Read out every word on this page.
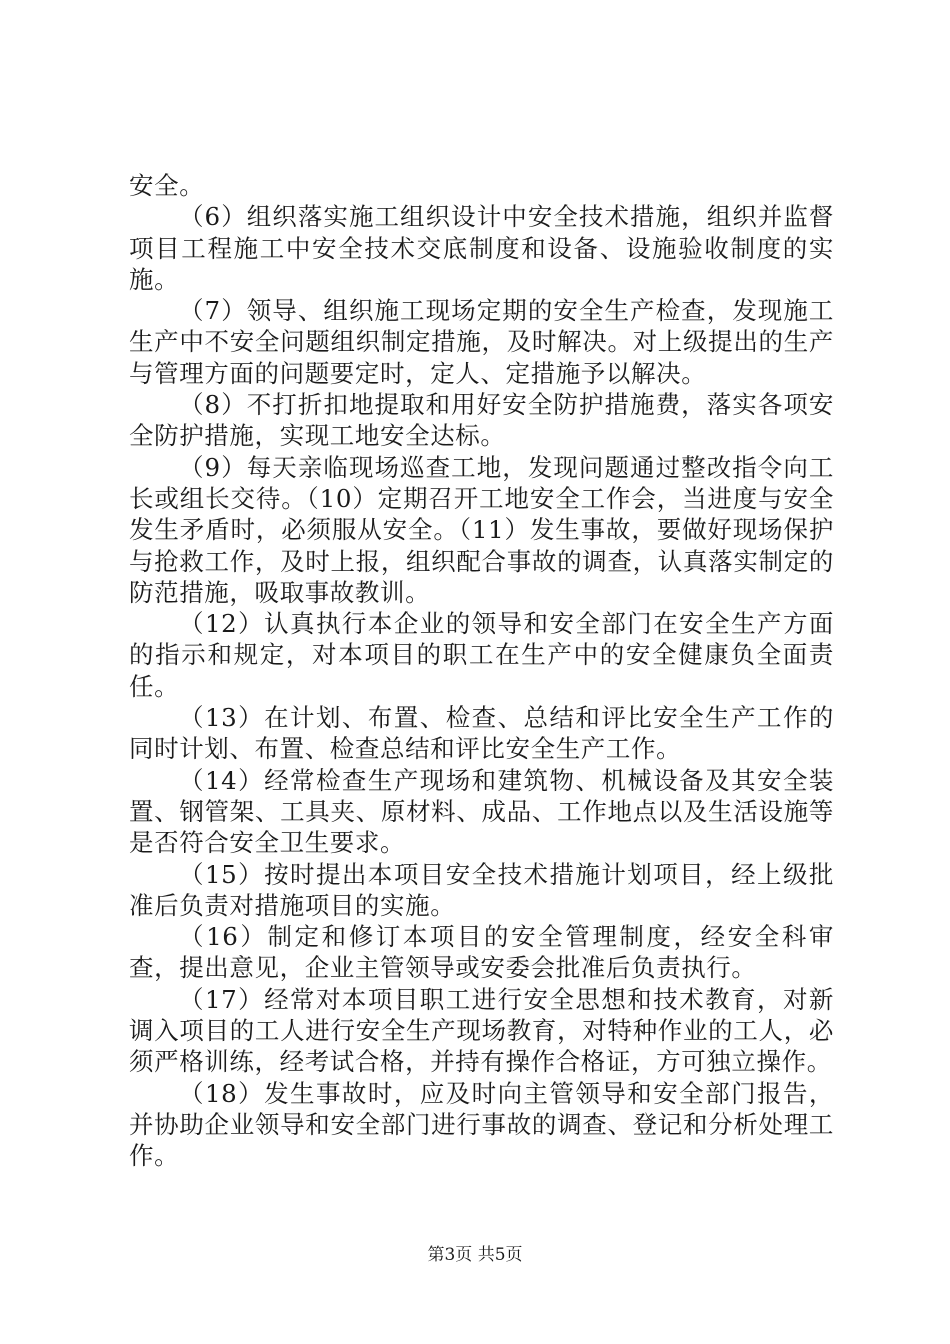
安全。

（6）组织落实施工组织设计中安全技术措施，组织并监督项目工程施工中安全技术交底制度和设备、设施验收制度的实施。

（7）领导、组织施工现场定期的安全生产检查，发现施工生产中不安全问题组织制定措施，及时解决。对上级提出的生产与管理方面的问题要定时，定人、定措施予以解决。

（8）不打折扣地提取和用好安全防护措施费，落实各项安全防护措施，实现工地安全达标。

（9）每天亲临现场巡查工地，发现问题通过整改指令向工长或组长交待。（10）定期召开工地安全工作会，当进度与安全发生矛盾时，必须服从安全。（11）发生事故，要做好现场保护与抢救工作，及时上报，组织配合事故的调查，认真落实制定的防范措施，吸取事故教训。

（12）认真执行本企业的领导和安全部门在安全生产方面的指示和规定，对本项目的职工在生产中的安全健康负全面责任。

（13）在计划、布置、检查、总结和评比安全生产工作的同时计划、布置、检查总结和评比安全生产工作。

（14）经常检查生产现场和建筑物、机械设备及其安全装置、钢管架、工具夹、原材料、成品、工作地点以及生活设施等是否符合安全卫生要求。

（15）按时提出本项目安全技术措施计划项目，经上级批准后负责对措施项目的实施。

（16）制定和修订本项目的安全管理制度，经安全科审查，提出意见，企业主管领导或安委会批准后负责执行。

（17）经常对本项目职工进行安全思想和技术教育，对新调入项目的工人进行安全生产现场教育，对特种作业的工人，必须严格训练，经考试合格，并持有操作合格证，方可独立操作。

（18）发生事故时，应及时向主管领导和安全部门报告，并协助企业领导和安全部门进行事故的调查、登记和分析处理工作。

第3页 共5页
